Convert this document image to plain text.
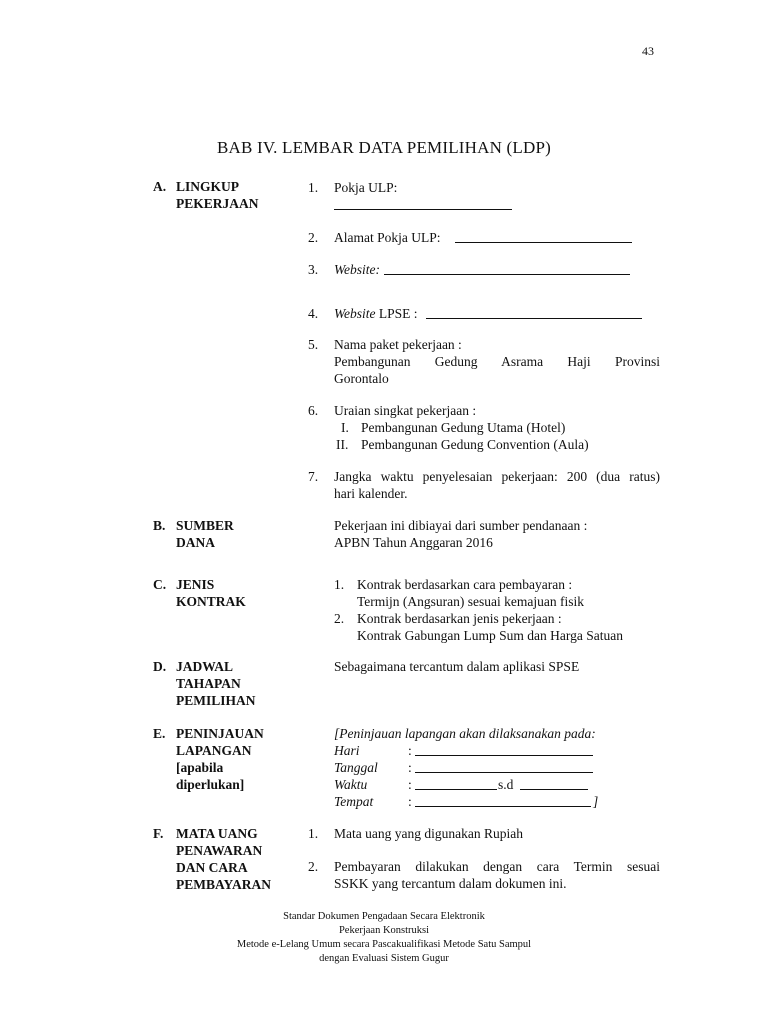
43
BAB IV. LEMBAR DATA PEMILIHAN (LDP)
A. LINGKUP
PEKERJAAN
1. Pokja ULP:
2. Alamat Pokja ULP:
3. Website:
4. Website LPSE :
5. Nama paket pekerjaan :
Pembangunan Gedung Asrama Haji Provinsi
Gorontalo
6. Uraian singkat pekerjaan :
I. Pembangunan Gedung Utama (Hotel)
II. Pembangunan Gedung Convention (Aula)
7. Jangka waktu penyelesaian pekerjaan: 200 (dua ratus)
hari kalender.
B. SUMBER
DANA
Pekerjaan ini dibiayai dari sumber pendanaan :
APBN Tahun Anggaran 2016
C. JENIS
KONTRAK
1. Kontrak berdasarkan cara pembayaran :
Termijn (Angsuran) sesuai kemajuan fisik
2. Kontrak berdasarkan jenis pekerjaan :
Kontrak Gabungan Lump Sum dan Harga Satuan
D. JADWAL
TAHAPAN
PEMILIHAN
Sebagaimana tercantum dalam aplikasi SPSE
E. PENINJAUAN
LAPANGAN
[apabila
diperlukan]
[Peninjauan lapangan akan dilaksanakan pada:
Hari	:
Tanggal :
Waktu	:	s.d
Tempat	:	]
F. MATA UANG
PENAWARAN
DAN CARA
PEMBAYARAN
1. Mata uang yang digunakan Rupiah
2. Pembayaran dilakukan dengan cara Termin sesuai
SSKK yang tercantum dalam dokumen ini.
Standar Dokumen Pengadaan Secara Elektronik
Pekerjaan Konstruksi
Metode e-Lelang Umum secara Pascakualifikasi Metode Satu Sampul
dengan Evaluasi Sistem Gugur
